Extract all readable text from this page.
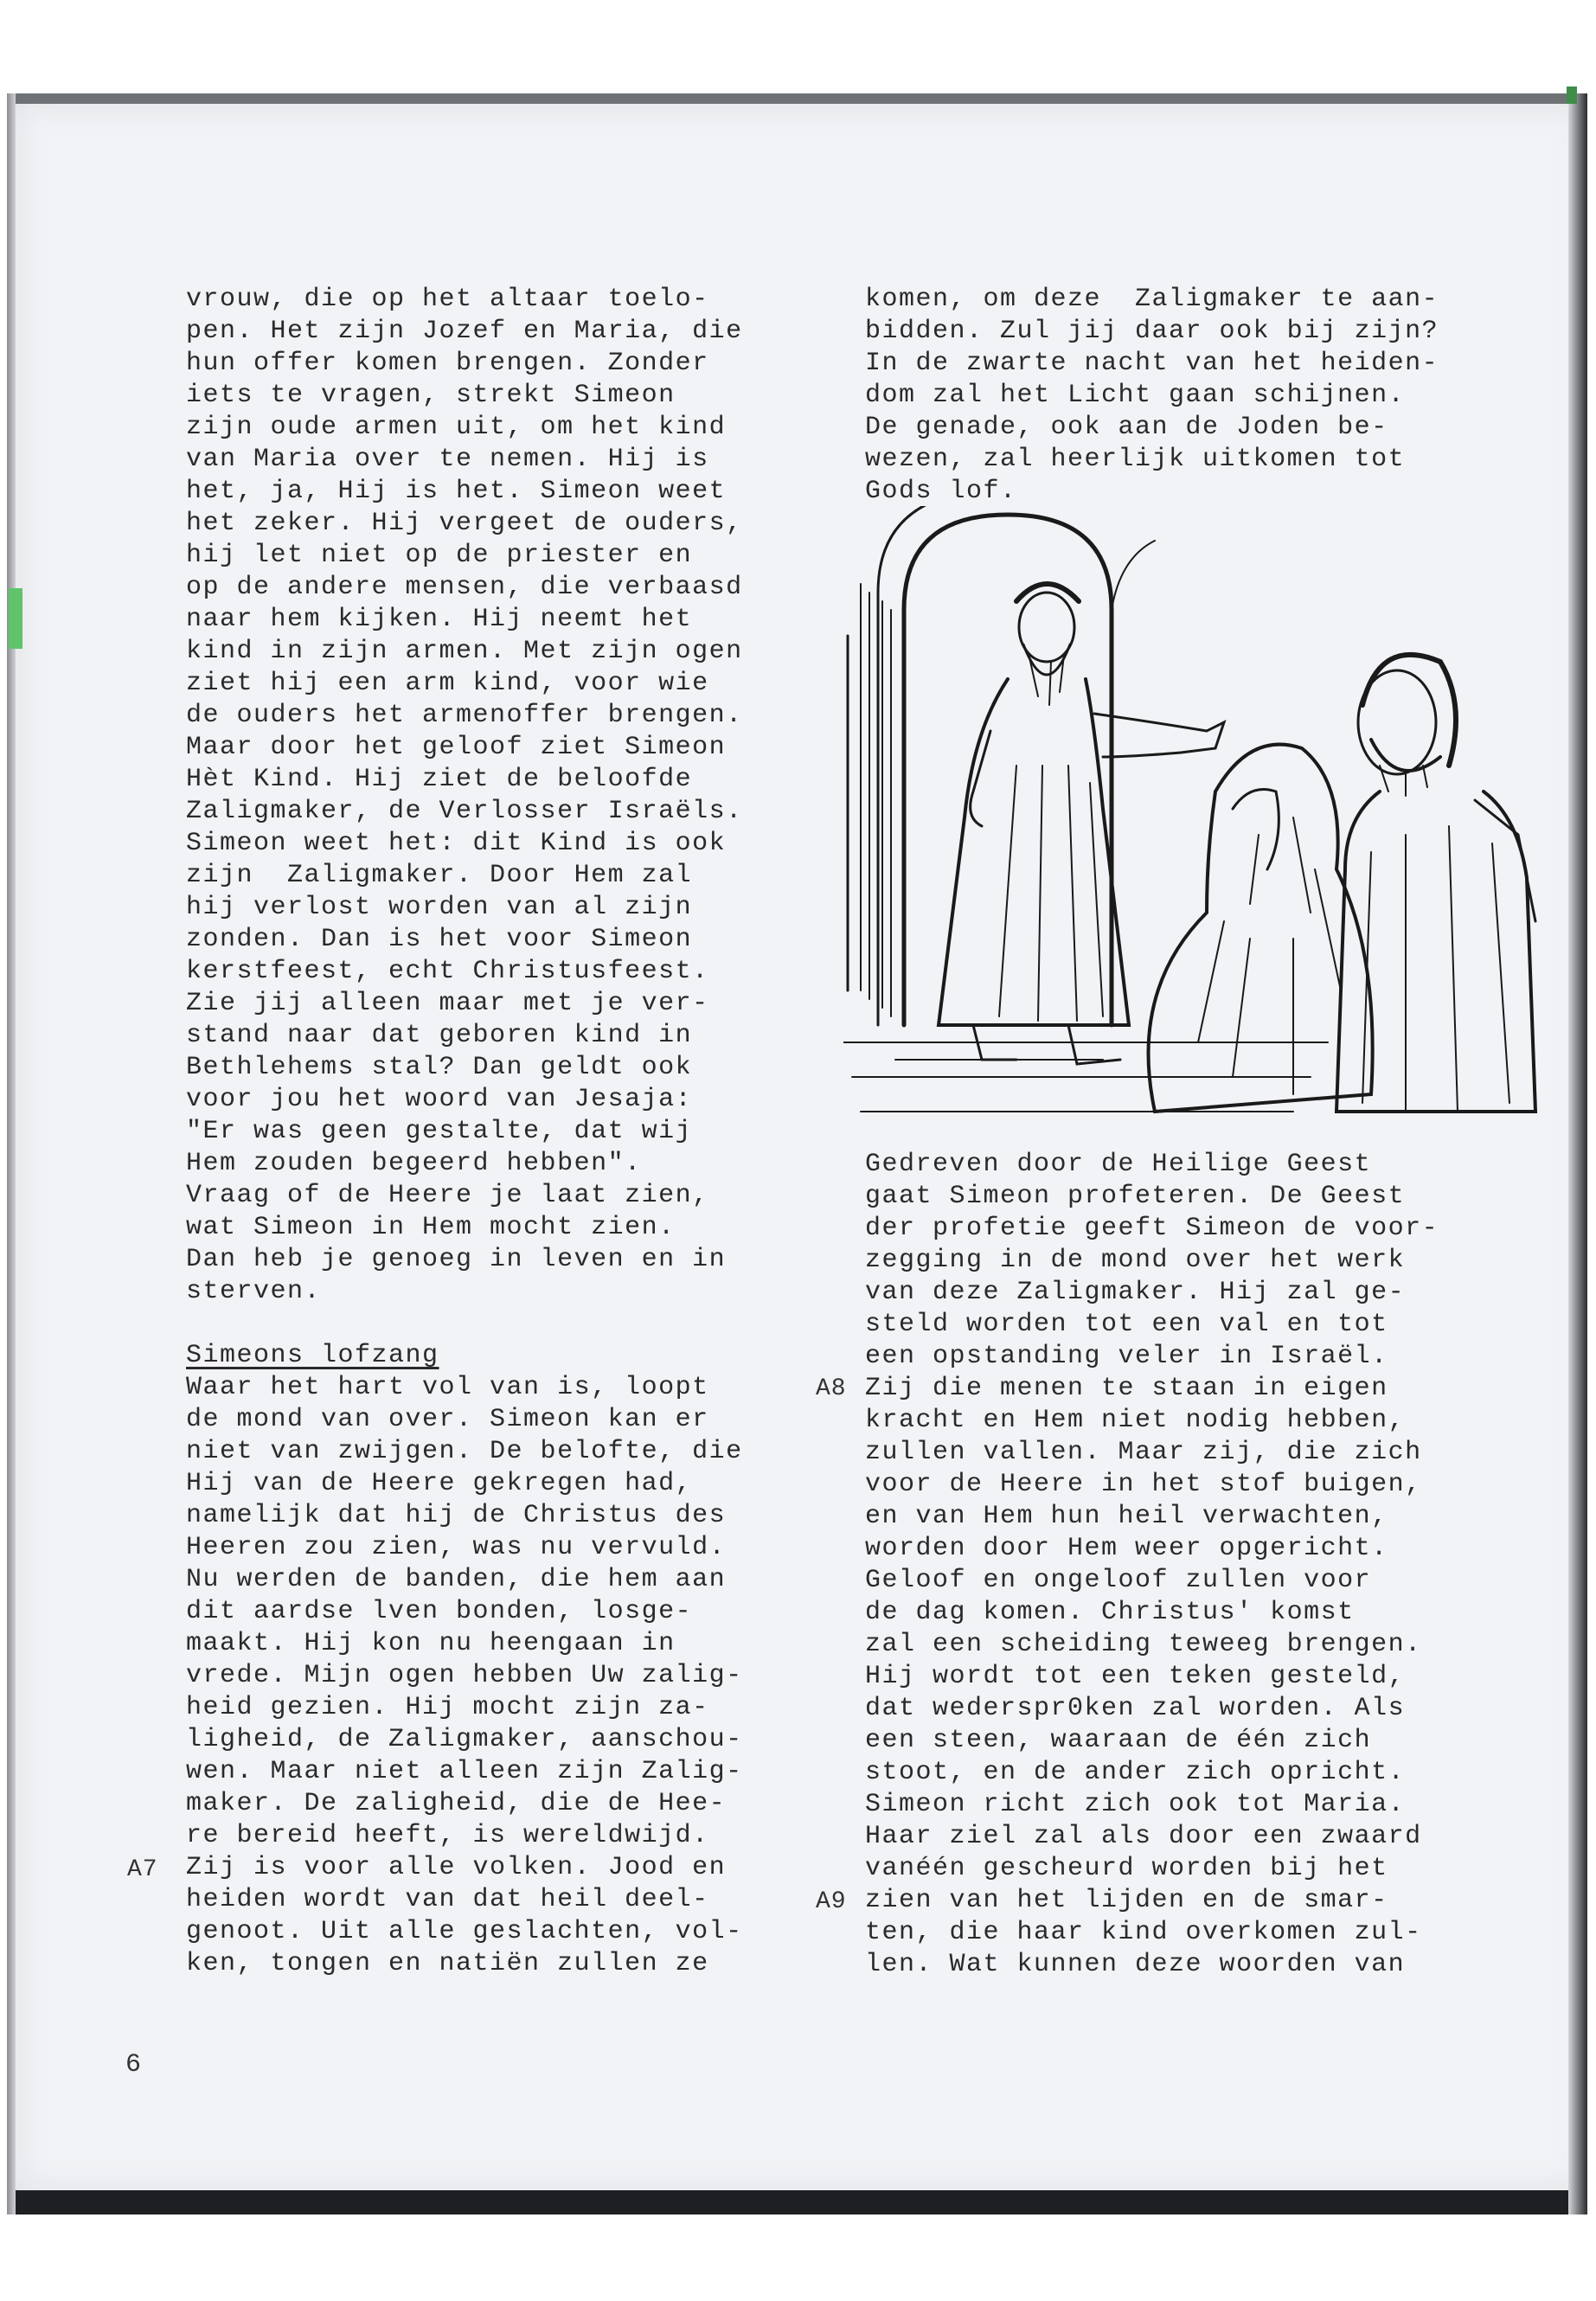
vrouw, die op het altaar toelo-
pen. Het zijn Jozef en Maria, die
hun offer komen brengen. Zonder
iets te vragen, strekt Simeon
zijn oude armen uit, om het kind
van Maria over te nemen. Hij is
het, ja, Hij is het. Simeon weet
het zeker. Hij vergeet de ouders,
hij let niet op de priester en
op de andere mensen, die verbaasd
naar hem kijken. Hij neemt het
kind in zijn armen. Met zijn ogen
ziet hij een arm kind, voor wie
de ouders het armenoffer brengen.
Maar door het geloof ziet Simeon
Hèt Kind. Hij ziet de beloofde
Zaligmaker, de Verlosser Israëls.
Simeon weet het: dit Kind is ook
zijn  Zaligmaker. Door Hem zal
hij verlost worden van al zijn
zonden. Dan is het voor Simeon
kerstfeest, echt Christusfeest.
Zie jij alleen maar met je ver-
stand naar dat geboren kind in
Bethlehems stal? Dan geldt ook
voor jou het woord van Jesaja:
"Er was geen gestalte, dat wij
Hem zouden begeerd hebben".
Vraag of de Heere je laat zien,
wat Simeon in Hem mocht zien.
Dan heb je genoeg in leven en in
sterven.
Simeons lofzang
Waar het hart vol van is, loopt
de mond van over. Simeon kan er
niet van zwijgen. De belofte, die
Hij van de Heere gekregen had,
namelijk dat hij de Christus des
Heeren zou zien, was nu vervuld.
Nu werden de banden, die hem aan
dit aardse lven bonden, losge-
maakt. Hij kon nu heengaan in
vrede. Mijn ogen hebben Uw zalig-
heid gezien. Hij mocht zijn za-
ligheid, de Zaligmaker, aanschou-
wen. Maar niet alleen zijn Zalig-
maker. De zaligheid, die de Hee-
re bereid heeft, is wereldwijd.
Zij is voor alle volken. Jood en
heiden wordt van dat heil deel-
genoot. Uit alle geslachten, vol-
ken, tongen en natiën zullen ze
komen, om deze  Zaligmaker te aan-
bidden. Zul jij daar ook bij zijn?
In de zwarte nacht van het heiden-
dom zal het Licht gaan schijnen.
De genade, ook aan de Joden be-
wezen, zal heerlijk uitkomen tot
Gods lof.
Gedreven door de Heilige Geest
gaat Simeon profeteren. De Geest
der profetie geeft Simeon de voor-
zegging in de mond over het werk
van deze Zaligmaker. Hij zal ge-
steld worden tot een val en tot
een opstanding veler in Israël.
Zij die menen te staan in eigen
kracht en Hem niet nodig hebben,
zullen vallen. Maar zij, die zich
voor de Heere in het stof buigen,
en van Hem hun heil verwachten,
worden door Hem weer opgericht.
Geloof en ongeloof zullen voor
de dag komen. Christus' komst
zal een scheiding teweeg brengen.
Hij wordt tot een teken gesteld,
dat wederspr0ken zal worden. Als
een steen, waaraan de één zich
stoot, en de ander zich opricht.
Simeon richt zich ook tot Maria.
Haar ziel zal als door een zwaard
vanéén gescheurd worden bij het
zien van het lijden en de smar-
ten, die haar kind overkomen zul-
len. Wat kunnen deze woorden van
A7
A8
A9
6
